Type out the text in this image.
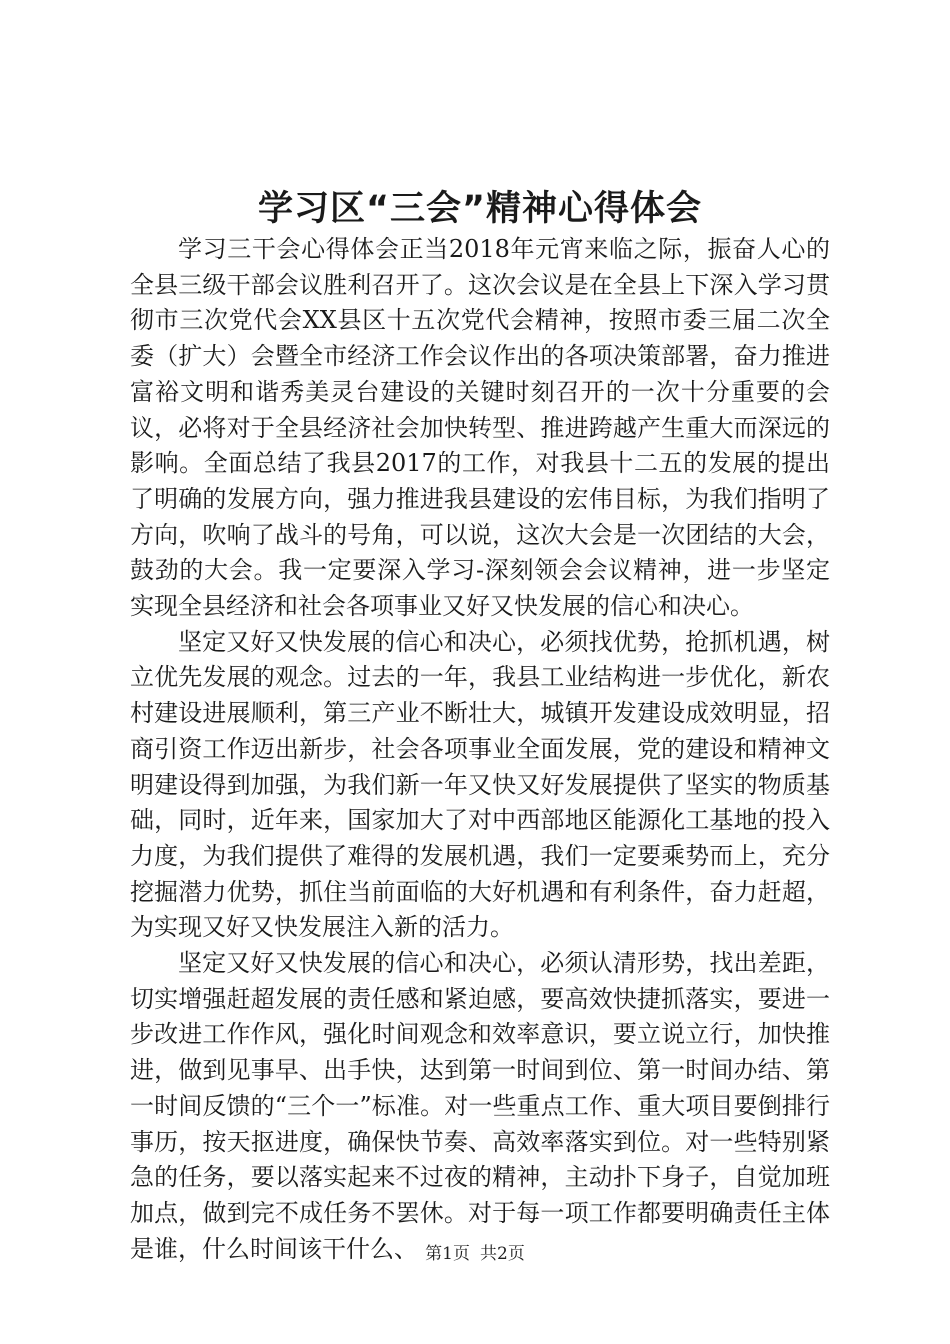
学习区“三会”精神心得体会

学习三干会心得体会正当2018年元宵来临之际，振奋人心的全县三级干部会议胜利召开了。这次会议是在全县上下深入学习贯彻市三次党代会XX县区十五次党代会精神，按照市委三届二次全委（扩大）会暨全市经济工作会议作出的各项决策部署，奋力推进富裕文明和谐秀美灵台建设的关键时刻召开的一次十分重要的会议，必将对于全县经济社会加快转型、推进跨越产生重大而深远的影响。全面总结了我县2017的工作，对我县十二五的发展的提出了明确的发展方向，强力推进我县建设的宏伟目标，为我们指明了方向，吹响了战斗的号角，可以说，这次大会是一次团结的大会，鼓劲的大会。我一定要深入学习-深刻领会会议精神，进一步坚定实现全县经济和社会各项事业又好又快发展的信心和决心。

坚定又好又快发展的信心和决心，必须找优势，抢抓机遇，树立优先发展的观念。过去的一年，我县工业结构进一步优化，新农村建设进展顺利，第三产业不断壮大，城镇开发建设成效明显，招商引资工作迈出新步，社会各项事业全面发展，党的建设和精神文明建设得到加强，为我们新一年又快又好发展提供了坚实的物质基础，同时，近年来，国家加大了对中西部地区能源化工基地的投入力度，为我们提供了难得的发展机遇，我们一定要乘势而上，充分挖掘潜力优势，抓住当前面临的大好机遇和有利条件，奋力赶超，为实现又好又快发展注入新的活力。

坚定又好又快发展的信心和决心，必须认清形势，找出差距，切实增强赶超发展的责任感和紧迫感，要高效快捷抓落实，要进一步改进工作作风，强化时间观念和效率意识，要立说立行，加快推进，做到见事早、出手快，达到第一时间到位、第一时间办结、第一时间反馈的“三个一”标准。对一些重点工作、重大项目要倒排行事历，按天抠进度，确保快节奏、高效率落实到位。对一些特别紧急的任务，要以落实起来不过夜的精神，主动扑下身子，自觉加班加点，做到完不成任务不罢休。对于每一项工作都要明确责任主体是谁，什么时间该干什么、 第1页 共2页
